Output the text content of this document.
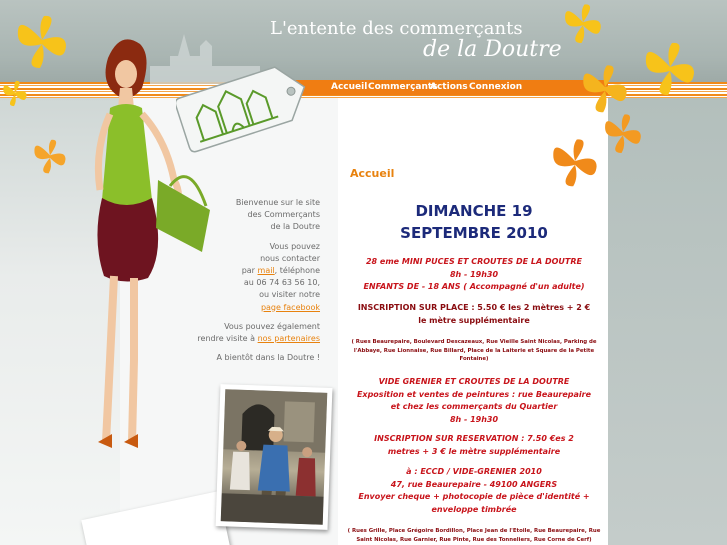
L'entente des commerçants
de la Doutre
Accueil Commerçants
Actions Connexion

Bienvenue sur le site

des Commerçants

de la Doutre

Vous pouvez

nous contacter

par mail, téléphone

au 06 74 63 56 10,

ou visiter notre

page facebook

Vous pouvez également

rendre visite à nos partenaires

A bientôt dans la Doutre !

Accueil
DIMANCHE 19
SEPTEMBRE 2010
28 eme MINI PUCES ET CROUTES DE LA DOUTRE
8h - 19h30
ENFANTS DE - 18 ANS ( Accompagné d'un adulte)
INSCRIPTION SUR PLACE : 5.50 € les 2 mètres + 2 €
le mètre supplémentaire
( Rues Beaurepaire, Boulevard Descazeaux, Rue Vieille Saint Nicolas, Parking de
l'Abbaye, Rue Lionnaise, Rue Billard, Place de la Laiterie et Square de la Petite
Fontaine)
VIDE GRENIER ET CROUTES DE LA DOUTRE
Exposition et ventes de peintures : rue Beaurepaire
et chez les commerçants du Quartier
8h - 19h30
INSCRIPTION SUR RESERVATION : 7.50 €es 2
metres + 3 € le mètre supplémentaire
à : ECCD / VIDE-GRENIER 2010
47, rue Beaurepaire - 49100 ANGERS
Envoyer cheque + photocopie de pièce d'identité +
enveloppe timbrée
( Rues Grille, Place Grégoire Bordillon, Place Jean de l'Etoile, Rue Beaurepaire, Rue
Saint Nicolas, Rue Garnier, Rue Pinte, Rue des Tonneliers, Rue Corne de Cerf)
